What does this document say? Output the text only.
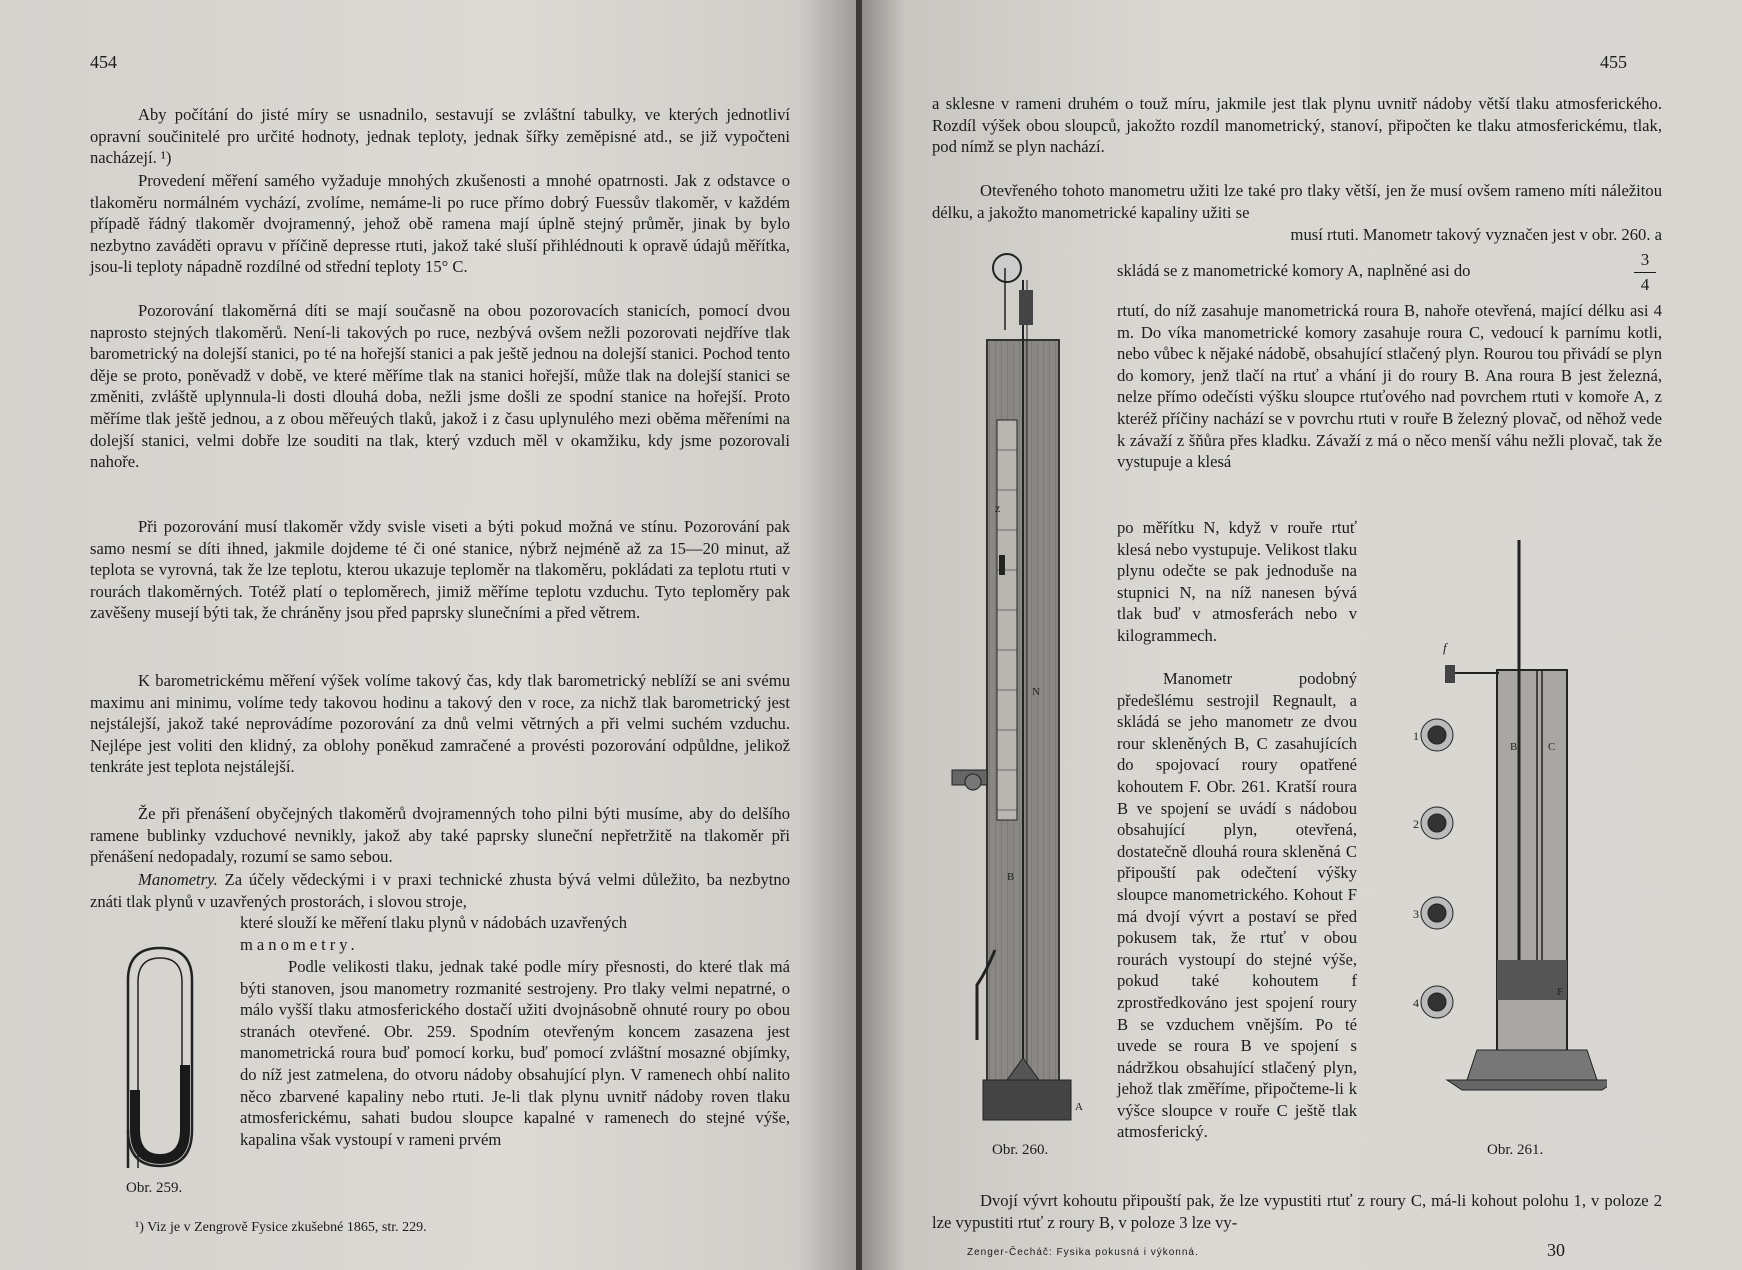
454

Aby počítání do jisté míry se usnadnilo, sestavují se zvláštní tabulky, ve kterých jednotliví opravní součinitelé pro určité hodnoty, jednak teploty, jednak šířky zeměpisné atd., se již vypočteni nacházejí. ¹)

Provedení měření samého vyžaduje mnohých zkušenosti a mnohé opatrnosti. Jak z odstavce o tlakoměru normálném vychází, zvolíme, nemáme-li po ruce přímo dobrý Fuessův tlakoměr, v každém případě řádný tlakoměr dvojramenný, jehož obě ramena mají úplně stejný průměr, jinak by bylo nezbytno zaváděti opravu v příčině depresse rtuti, jakož také sluší přihlédnouti k opravě údajů měřítka, jsou-li teploty nápadně rozdílné od střední teploty 15° C.

Pozorování tlakoměrná díti se mají současně na obou pozorovacích stanicích, pomocí dvou naprosto stejných tlakoměrů. Není-li takových po ruce, nezbývá ovšem nežli pozorovati nejdříve tlak barometrický na dolejší stanici, po té na hořejší stanici a pak ještě jednou na dolejší stanici. Pochod tento děje se proto, poněvadž v době, ve které měříme tlak na stanici hořejší, může tlak na dolejší stanici se změniti, zvláště uplynnula-li dosti dlouhá doba, nežli jsme došli ze spodní stanice na hořejší. Proto měříme tlak ještě jednou, a z obou měřeuých tlaků, jakož i z času uplynulého mezi oběma měřeními na dolejší stanici, velmi dobře lze souditi na tlak, který vzduch měl v okamžiku, kdy jsme pozorovali nahoře.

Při pozorování musí tlakoměr vždy svisle viseti a býti pokud možná ve stínu. Pozorování pak samo nesmí se díti ihned, jakmile dojdeme té či oné stanice, nýbrž nejméně až za 15—20 minut, až teplota se vyrovná, tak že lze teplotu, kterou ukazuje teploměr na tlakoměru, pokládati za teplotu rtuti v rourách tlakoměrných. Totéž platí o teploměrech, jimiž měříme teplotu vzduchu. Tyto teploměry pak zavěšeny musejí býti tak, že chráněny jsou před paprsky slunečními a před větrem.

K barometrickému měření výšek volíme takový čas, kdy tlak barometrický neblíží se ani svému maximu ani minimu, volíme tedy takovou hodinu a takový den v roce, za nichž tlak barometrický jest nejstálejší, jakož také neprovádíme pozorování za dnů velmi větrných a při velmi suchém vzduchu. Nejlépe jest voliti den klidný, za oblohy poněkud zamračené a provésti pozorování odpůldne, jelikož tenkráte jest teplota nejstálejší.

Že při přenášení obyčejných tlakoměrů dvojramenných toho pilni býti musíme, aby do delšího ramene bublinky vzduchové nevnikly, jakož aby také paprsky sluneční nepřetržitě na tlakoměr při přenášení nedopadaly, rozumí se samo sebou.

Manometry. Za účely vědeckými i v praxi technické zhusta bývá velmi důležito, ba nezbytno znáti tlak plynů v uzavřených prostorách, i slovou stroje,

které slouží ke měření tlaku plynů v nádobách uzavřených

manometry.

Podle velikosti tlaku, jednak také podle míry přesnosti, do které tlak má býti stanoven, jsou manometry rozmanité sestrojeny. Pro tlaky velmi nepatrné, o málo vyšší tlaku atmosferického dostačí užiti dvojnásobně ohnuté roury po obou stranách otevřené. Obr. 259. Spodním otevřeným koncem zasazena jest manometrická roura buď pomocí korku, buď pomocí zvláštní mosazné objímky, do níž jest zatmelena, do otvoru nádoby obsahující plyn. V ramenech ohbí nalito něco zbarvené kapaliny nebo rtuti. Je-li tlak plynu uvnitř nádoby roven tlaku atmosferickému, sahati budou sloupce kapalné v ramenech do stejné výše, kapalina však vystoupí v rameni prvém

Obr. 259.
¹) Viz je v Zengrově Fysice zkušebné 1865, str. 229.
455

a sklesne v rameni druhém o touž míru, jakmile jest tlak plynu uvnitř nádoby větší tlaku atmosferického. Rozdíl výšek obou sloupců, jakožto rozdíl manometrický, stanoví, připočten ke tlaku atmosferickému, tlak, pod nímž se plyn nachází.

Otevřeného tohoto manometru užiti lze také pro tlaky větší, jen že musí ovšem rameno míti náležitou délku, a jakožto manometrické kapaliny užiti se

musí rtuti. Manometr takový vyznačen jest v obr. 260. a

skládá se z manometrické komory A, naplněné asi do

3
4

rtutí, do níž zasahuje manometrická roura B, nahoře otevřená, mající délku asi 4 m. Do víka manometrické komory zasahuje roura C, vedoucí k parnímu kotli, nebo vůbec k nějaké nádobě, obsahující stlačený plyn. Rourou tou přivádí se plyn do komory, jenž tlačí na rtuť a vhání ji do roury B. Ana roura B jest železná, nelze přímo odečísti výšku sloupce rtuťového nad povrchem rtuti v komoře A, z kteréž příčiny nachází se v povrchu rtuti v rouře B železný plovač, od něhož vede k závaží z šňůra přes kladku. Závaží z má o něco menší váhu nežli plovač, tak že vystupuje a klesá

po měřítku N, když v rouře rtuť klesá nebo vystupuje. Velikost tlaku plynu odečte se pak jednoduše na stupnici N, na níž nanesen bývá tlak buď v atmosferách nebo v kilogrammech.

Manometr podobný předešlému sestrojil Regnault, a skládá se jeho manometr ze dvou rour skleněných B, C zasahujících do spojovací roury opatřené kohoutem F. Obr. 261. Kratší roura B ve spojení se uvádí s nádobou obsahující plyn, otevřená, dostatečně dlouhá roura skleněná C připouští pak odečtení výšky sloupce manometrického. Kohout F má dvojí vývrt a postaví se před pokusem tak, že rtuť v obou rourách vystoupí do stejné výše, pokud také kohoutem f zprostředkováno jest spojení roury B se vzduchem vnějším. Po té uvede se roura B ve spojení s nádržkou obsahující stlačený plyn, jehož tlak změříme, připočteme-li k výšce sloupce v rouře C ještě tlak atmosferický.

z
N
B
A
Obr. 260.
f
B	C
F
1
2
3
4
Obr. 261.

Dvojí vývrt kohoutu připouští pak, že lze vypustiti rtuť z roury C, má-li kohout polohu 1, v poloze 2 lze vypustiti rtuť z roury B, v poloze 3 lze vy-

Zenger-Čecháč: Fysika pokusná i výkonná.	30
